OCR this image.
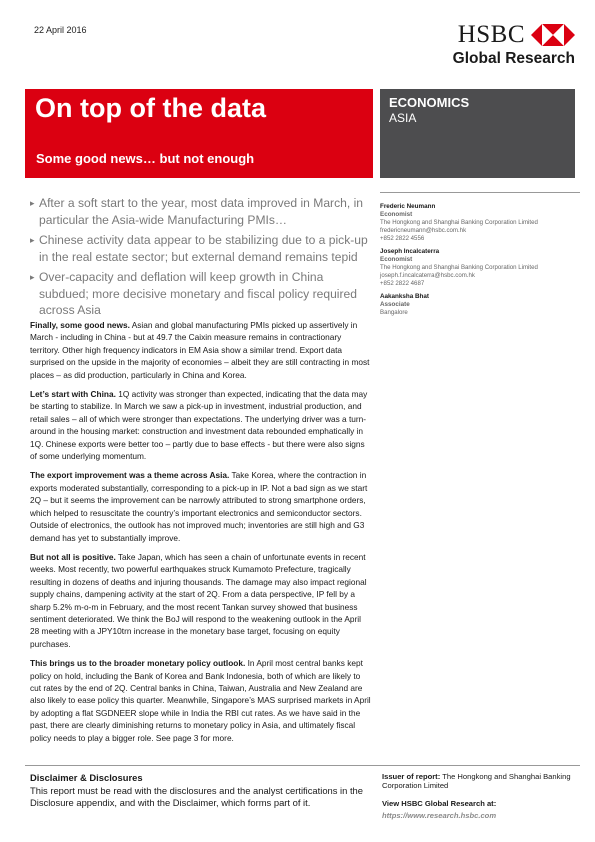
22 April 2016	HSBC
Global Research
On top of the data
Some good news… but not enough
ECONOMICS
ASIA
▸ After a soft start to the year, most data improved in March, in particular the Asia-wide Manufacturing PMIs…
▸ Chinese activity data appear to be stabilizing due to a pick-up in the real estate sector; but external demand remains tepid
▸ Over-capacity and deflation will keep growth in China subdued; more decisive monetary and fiscal policy required across Asia

Finally, some good news. Asian and global manufacturing PMIs picked up assertively in March - including in China - but at 49.7 the Caixin measure remains in contractionary territory. Other high frequency indicators in EM Asia show a similar trend. Export data surprised on the upside in the majority of economies – albeit they are still contracting in most places – as did production, particularly in China and Korea.

Let’s start with China. 1Q activity was stronger than expected, indicating that the data may be starting to stabilize. In March we saw a pick-up in investment, industrial production, and retail sales – all of which were stronger than expectations. The underlying driver was a turn-around in the housing market: construction and investment data rebounded emphatically in 1Q. Chinese exports were better too – partly due to base effects - but there were also signs of some underlying momentum.

The export improvement was a theme across Asia. Take Korea, where the contraction in exports moderated substantially, corresponding to a pick-up in IP. Not a bad sign as we start 2Q – but it seems the improvement can be narrowly attributed to strong smartphone orders, which helped to resuscitate the country’s important electronics and semiconductor sectors. Outside of electronics, the outlook has not improved much; inventories are still high and G3 demand has yet to substantially improve.

But not all is positive. Take Japan, which has seen a chain of unfortunate events in recent weeks. Most recently, two powerful earthquakes struck Kumamoto Prefecture, tragically resulting in dozens of deaths and injuring thousands. The damage may also impact regional supply chains, dampening activity at the start of 2Q. From a data perspective, IP fell by a sharp 5.2% m-o-m in February, and the most recent Tankan survey showed that business sentiment deteriorated. We think the BoJ will respond to the weakening outlook in the April 28 meeting with a JPY10trn increase in the monetary base target, focusing on equity purchases.

This brings us to the broader monetary policy outlook. In April most central banks kept policy on hold, including the Bank of Korea and Bank Indonesia, both of which are likely to cut rates by the end of 2Q. Central banks in China, Taiwan, Australia and New Zealand are also likely to ease policy this quarter. Meanwhile, Singapore’s MAS surprised markets in April by adopting a flat SGDNEER slope while in India the RBI cut rates. As we have said in the past, there are clearly diminishing returns to monetary policy in Asia, and ultimately fiscal policy needs to play a bigger role. See page 3 for more.

Frederic Neumann
Economist
The Hongkong and Shanghai Banking Corporation Limited
fredericneumann@hsbc.com.hk
+852 2822 4556
Joseph Incalcaterra
Economist
The Hongkong and Shanghai Banking Corporation Limited
joseph.f.incalcaterra@hsbc.com.hk
+852 2822 4687
Aakanksha Bhat
Associate
Bangalore
Disclaimer & Disclosures
This report must be read with the disclosures and the analyst certifications in the Disclosure appendix, and with the Disclaimer, which forms part of it.
Issuer of report: The Hongkong and Shanghai Banking Corporation Limited
View HSBC Global Research at:
https://www.research.hsbc.com
